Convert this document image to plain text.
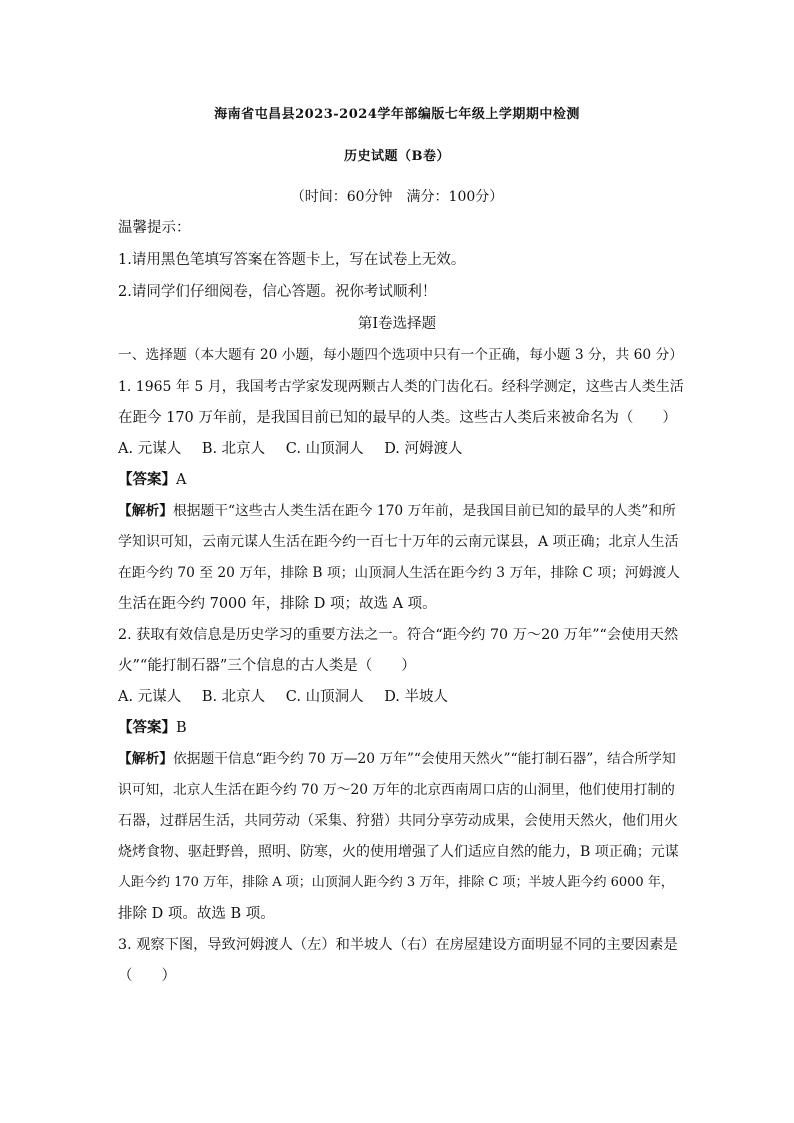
海南省屯昌县2023-2024学年部编版七年级上学期期中检测
历史试题（B卷）
（时间：60分钟　满分：100分）
温馨提示：
1.请用黑色笔填写答案在答题卡上，写在试卷上无效。
2.请同学们仔细阅卷，信心答题。祝你考试顺利！
第Ⅰ卷选择题
一、选择题（本大题有 20 小题，每小题四个选项中只有一个正确，每小题 3 分，共 60 分）
1. 1965 年 5 月，我国考古学家发现两颗古人类的门齿化石。经科学测定，这些古人类生活
在距今 170 万年前，是我国目前已知的最早的人类。这些古人类后来被命名为（　　）
A. 元谋人 B. 北京人 C. 山顶洞人 D. 河姆渡人
【答案】A
【解析】根据题干“这些古人类生活在距今 170 万年前，是我国目前已知的最早的人类”和所
学知识可知，云南元谋人生活在距今约一百七十万年的云南元谋县，A 项正确；北京人生活
在距今约 70 至 20 万年，排除 B 项；山顶洞人生活在距今约 3 万年，排除 C 项；河姆渡人
生活在距今约 7000 年，排除 D 项；故选 A 项。
2. 获取有效信息是历史学习的重要方法之一。符合“距今约 70 万～20 万年”“会使用天然
火”“能打制石器”三个信息的古人类是（　　）
A. 元谋人 B. 北京人 C. 山顶洞人 D. 半坡人
【答案】B
【解析】依据题干信息“距今约 70 万—20 万年”“会使用天然火”“能打制石器”，结合所学知
识可知，北京人生活在距今约 70 万～20 万年的北京西南周口店的山洞里，他们使用打制的
石器，过群居生活，共同劳动（采集、狩猎）共同分享劳动成果，会使用天然火，他们用火
烧烤食物、驱赶野兽，照明、防寒，火的使用增强了人们适应自然的能力，B 项正确；元谋
人距今约 170 万年，排除 A 项；山顶洞人距今约 3 万年，排除 C 项；半坡人距今约 6000 年，
排除 D 项。故选 B 项。
3. 观察下图，导致河姆渡人（左）和半坡人（右）在房屋建设方面明显不同的主要因素是
（　　）
